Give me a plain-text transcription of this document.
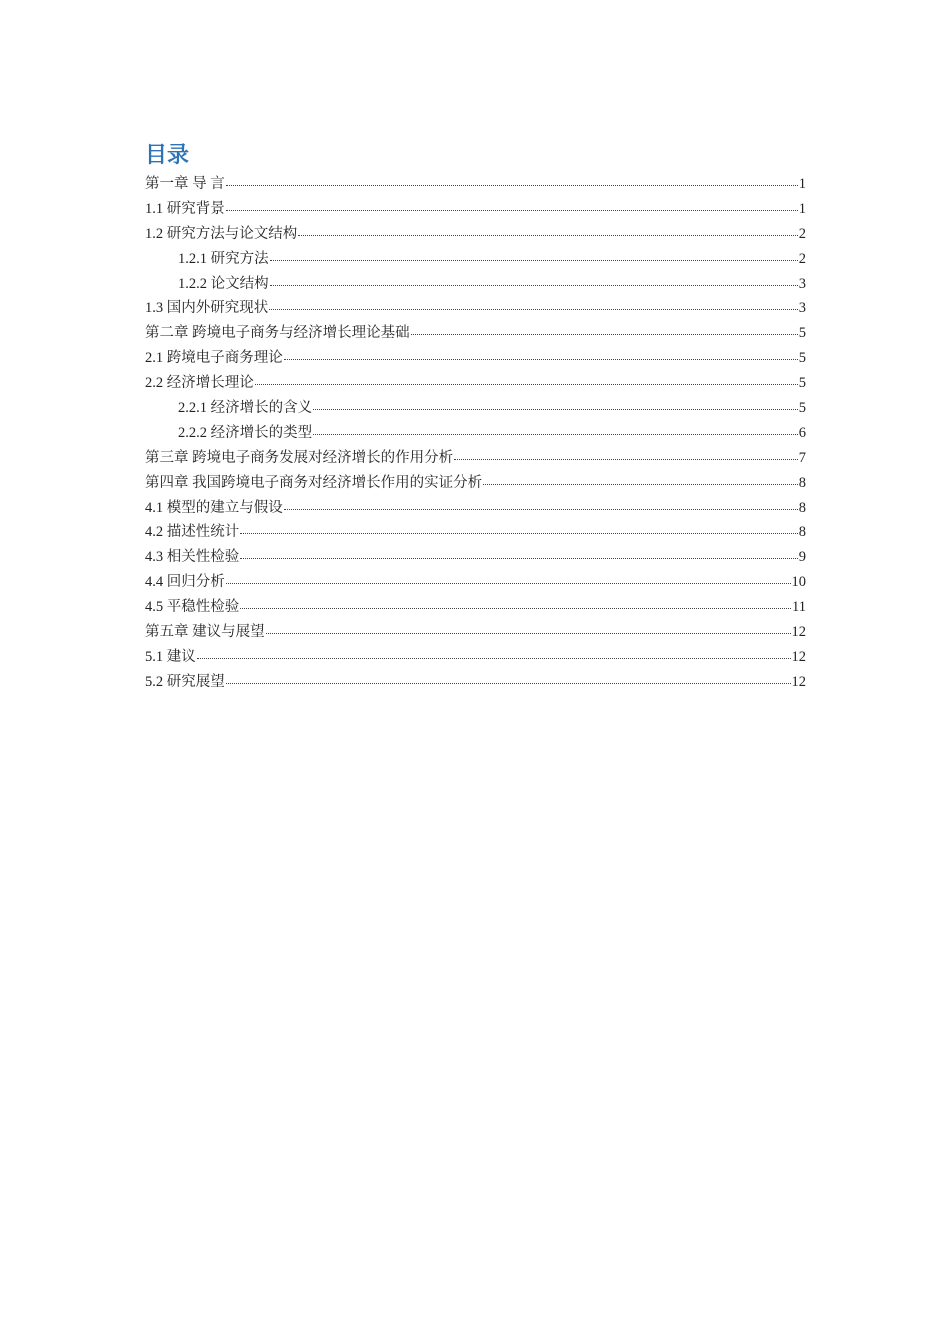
目录
第一章 导 言	1
1.1 研究背景	1
1.2 研究方法与论文结构	2
1.2.1 研究方法	2
1.2.2 论文结构	3
1.3 国内外研究现状	3
第二章 跨境电子商务与经济增长理论基础	5
2.1 跨境电子商务理论	5
2.2 经济增长理论	5
2.2.1 经济增长的含义	5
2.2.2 经济增长的类型	6
第三章 跨境电子商务发展对经济增长的作用分析	7
第四章 我国跨境电子商务对经济增长作用的实证分析	8
4.1 模型的建立与假设	8
4.2 描述性统计	8
4.3 相关性检验	9
4.4 回归分析	10
4.5 平稳性检验	11
第五章 建议与展望	12
5.1 建议	12
5.2 研究展望	12
